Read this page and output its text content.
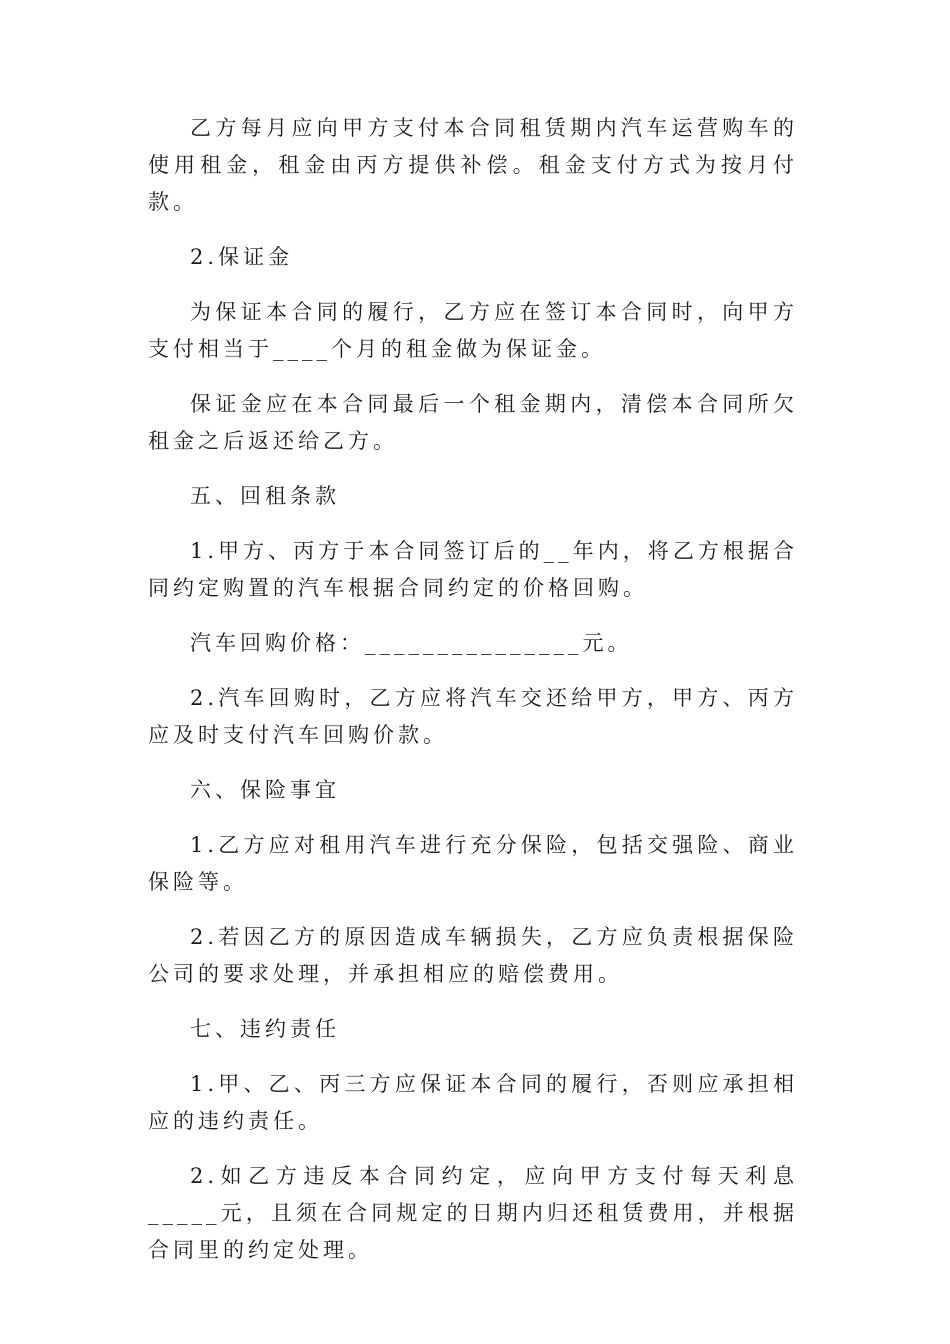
乙方每月应向甲方支付本合同租赁期内汽车运营购车的使用租金，租金由丙方提供补偿。租金支付方式为按月付款。

2.保证金

为保证本合同的履行，乙方应在签订本合同时，向甲方支付相当于____个月的租金做为保证金。

保证金应在本合同最后一个租金期内，清偿本合同所欠租金之后返还给乙方。

五、回租条款

1.甲方、丙方于本合同签订后的__年内，将乙方根据合同约定购置的汽车根据合同约定的价格回购。

汽车回购价格：_______________元。

2.汽车回购时，乙方应将汽车交还给甲方，甲方、丙方应及时支付汽车回购价款。

六、保险事宜

1.乙方应对租用汽车进行充分保险，包括交强险、商业保险等。

2.若因乙方的原因造成车辆损失，乙方应负责根据保险公司的要求处理，并承担相应的赔偿费用。

七、违约责任

1.甲、乙、丙三方应保证本合同的履行，否则应承担相应的违约责任。

2.如乙方违反本合同约定，应向甲方支付每天利息_____元，且须在合同规定的日期内归还租赁费用，并根据合同里的约定处理。
